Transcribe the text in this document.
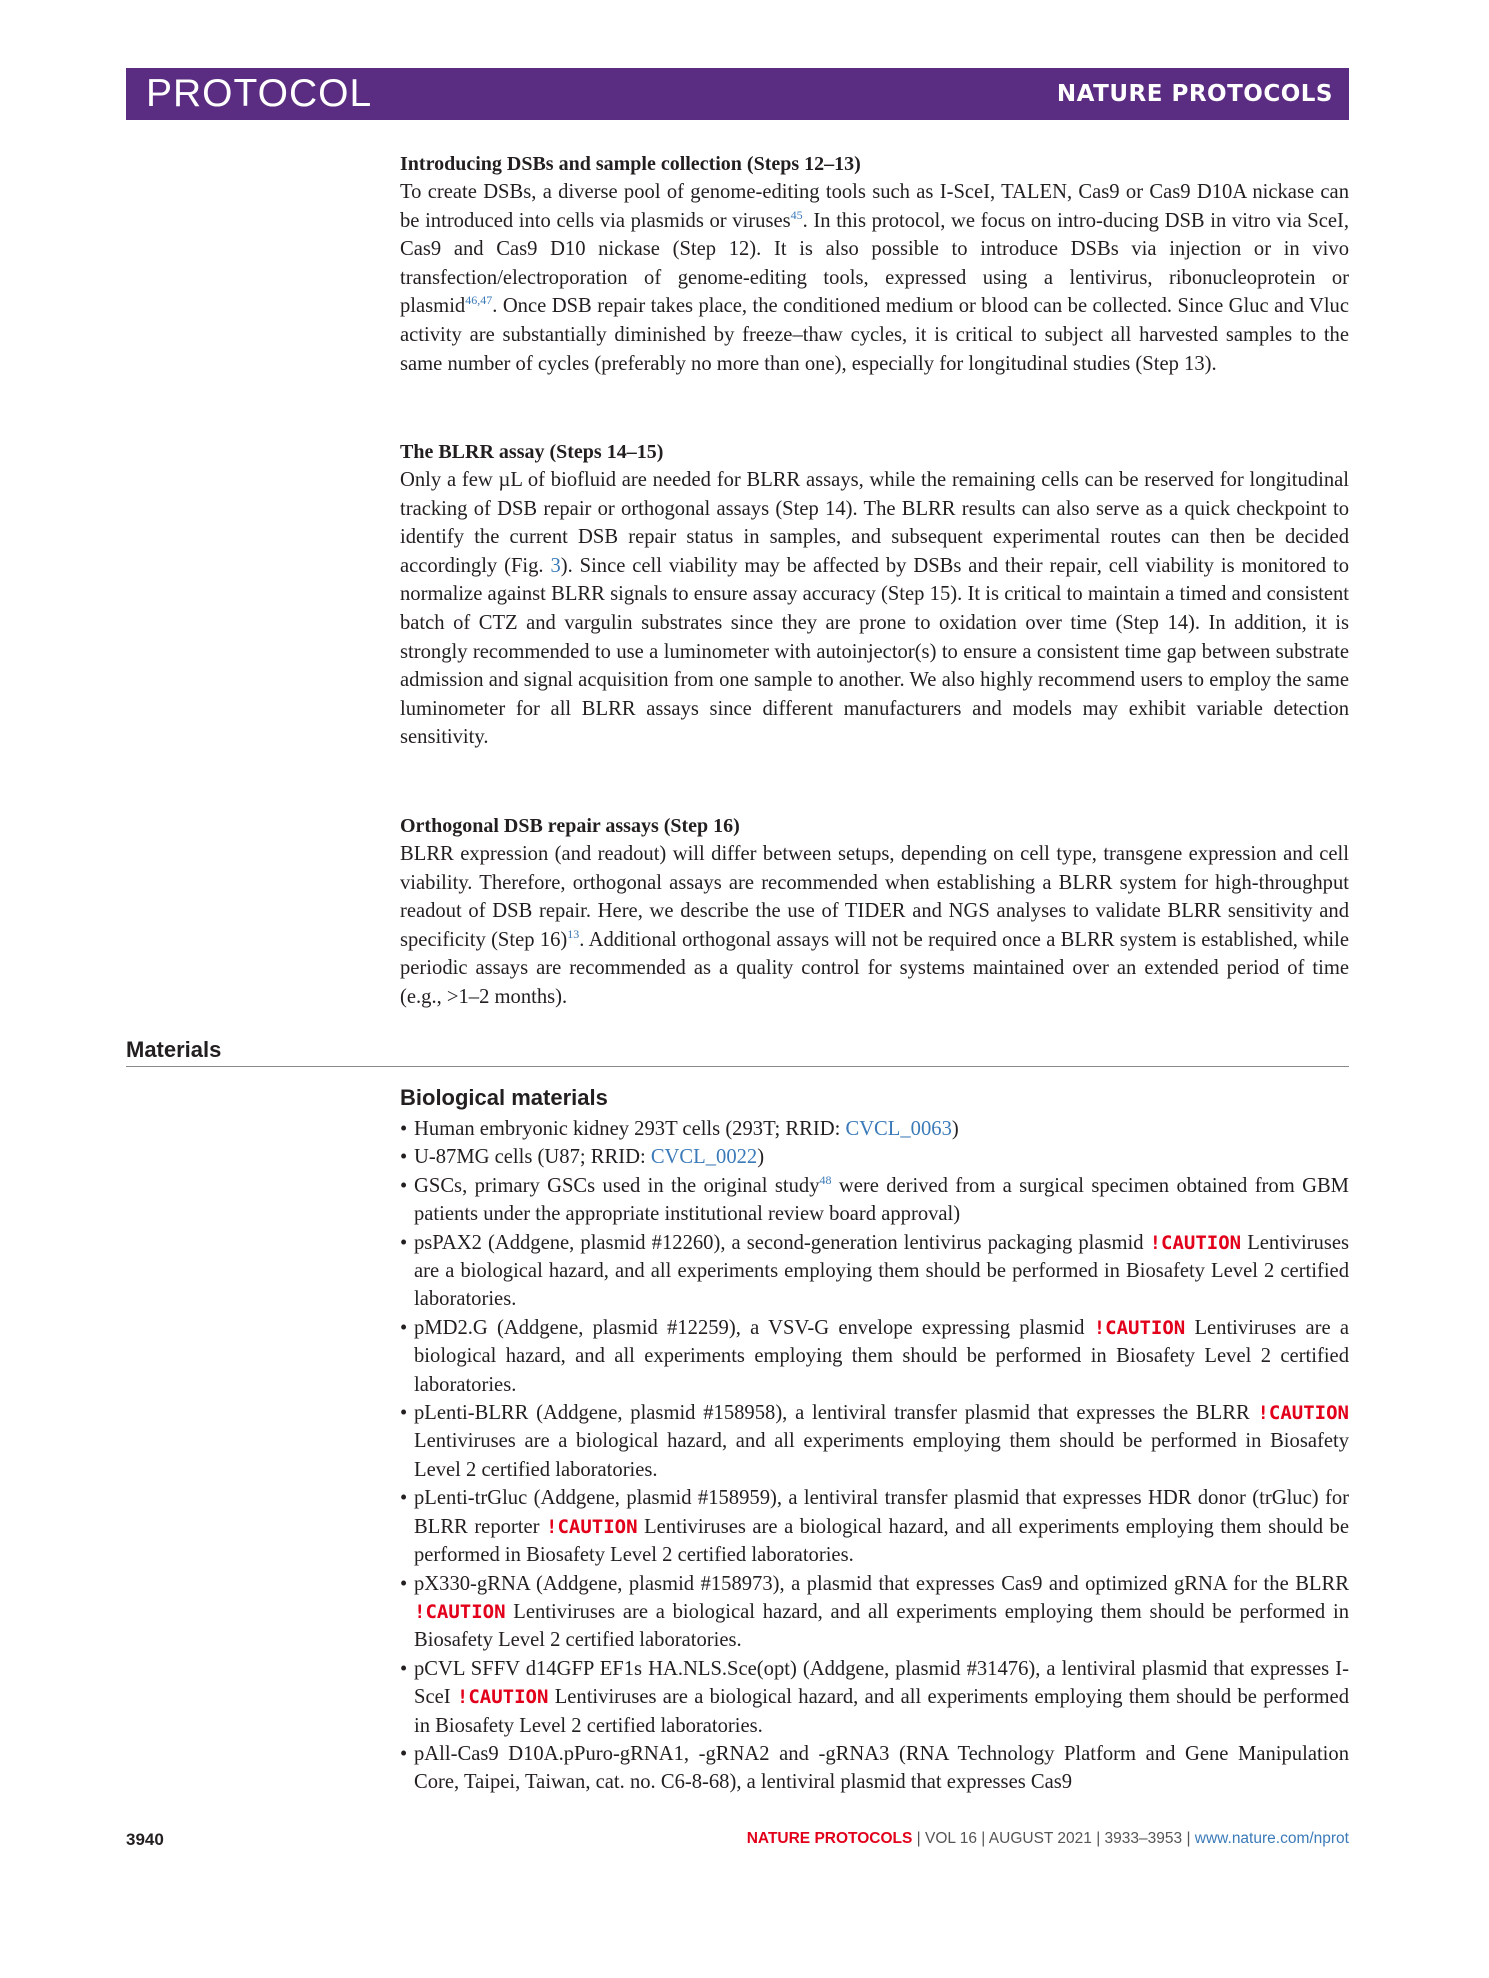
PROTOCOL	NATURE PROTOCOLS
Introducing DSBs and sample collection (Steps 12–13)
To create DSBs, a diverse pool of genome-editing tools such as I-SceI, TALEN, Cas9 or Cas9 D10A nickase can be introduced into cells via plasmids or viruses$^{45}$. In this protocol, we focus on intro-ducing DSB in vitro via SceI, Cas9 and Cas9 D10 nickase (Step 12). It is also possible to introduce DSBs via injection or in vivo transfection/electroporation of genome-editing tools, expressed using a lentivirus, ribonucleoprotein or plasmid$^{46,47}$. Once DSB repair takes place, the conditioned medium or blood can be collected. Since Gluc and Vluc activity are substantially diminished by freeze–thaw cycles, it is critical to subject all harvested samples to the same number of cycles (preferably no more than one), especially for longitudinal studies (Step 13).
The BLRR assay (Steps 14–15)
Only a few µL of biofluid are needed for BLRR assays, while the remaining cells can be reserved for longitudinal tracking of DSB repair or orthogonal assays (Step 14). The BLRR results can also serve as a quick checkpoint to identify the current DSB repair status in samples, and subsequent experimental routes can then be decided accordingly (Fig. 3). Since cell viability may be affected by DSBs and their repair, cell viability is monitored to normalize against BLRR signals to ensure assay accuracy (Step 15). It is critical to maintain a timed and consistent batch of CTZ and vargulin substrates since they are prone to oxidation over time (Step 14). In addition, it is strongly recommended to use a luminometer with autoinjector(s) to ensure a consistent time gap between substrate admission and signal acquisition from one sample to another. We also highly recommend users to employ the same luminometer for all BLRR assays since different manufacturers and models may exhibit variable detection sensitivity.
Orthogonal DSB repair assays (Step 16)
BLRR expression (and readout) will differ between setups, depending on cell type, transgene expression and cell viability. Therefore, orthogonal assays are recommended when establishing a BLRR system for high-throughput readout of DSB repair. Here, we describe the use of TIDER and NGS analyses to validate BLRR sensitivity and specificity (Step 16)$^{13}$. Additional orthogonal assays will not be required once a BLRR system is established, while periodic assays are recommended as a quality control for systems maintained over an extended period of time (e.g., >1–2 months).
Materials
Biological materials
• Human embryonic kidney 293T cells (293T; RRID: CVCL_0063)
• U-87MG cells (U87; RRID: CVCL_0022)
• GSCs, primary GSCs used in the original study$^{48}$ were derived from a surgical specimen obtained from GBM patients under the appropriate institutional review board approval)
• psPAX2 (Addgene, plasmid #12260), a second-generation lentivirus packaging plasmid !CAUTION Lentiviruses are a biological hazard, and all experiments employing them should be performed in Biosafety Level 2 certified laboratories.
• pMD2.G (Addgene, plasmid #12259), a VSV-G envelope expressing plasmid !CAUTION Lentiviruses are a biological hazard, and all experiments employing them should be performed in Biosafety Level 2 certified laboratories.
• pLenti-BLRR (Addgene, plasmid #158958), a lentiviral transfer plasmid that expresses the BLRR !CAUTION Lentiviruses are a biological hazard, and all experiments employing them should be performed in Biosafety Level 2 certified laboratories.
• pLenti-trGluc (Addgene, plasmid #158959), a lentiviral transfer plasmid that expresses HDR donor (trGluc) for BLRR reporter !CAUTION Lentiviruses are a biological hazard, and all experiments employing them should be performed in Biosafety Level 2 certified laboratories.
• pX330-gRNA (Addgene, plasmid #158973), a plasmid that expresses Cas9 and optimized gRNA for the BLRR !CAUTION Lentiviruses are a biological hazard, and all experiments employing them should be performed in Biosafety Level 2 certified laboratories.
• pCVL SFFV d14GFP EF1s HA.NLS.Sce(opt) (Addgene, plasmid #31476), a lentiviral plasmid that expresses I-SceI !CAUTION Lentiviruses are a biological hazard, and all experiments employing them should be performed in Biosafety Level 2 certified laboratories.
• pAll-Cas9 D10A.pPuro-gRNA1, -gRNA2 and -gRNA3 (RNA Technology Platform and Gene Manipulation Core, Taipei, Taiwan, cat. no. C6-8-68), a lentiviral plasmid that expresses Cas9
3940	NATURE PROTOCOLS | VOL 16 | AUGUST 2021 | 3933–3953 | www.nature.com/nprot
